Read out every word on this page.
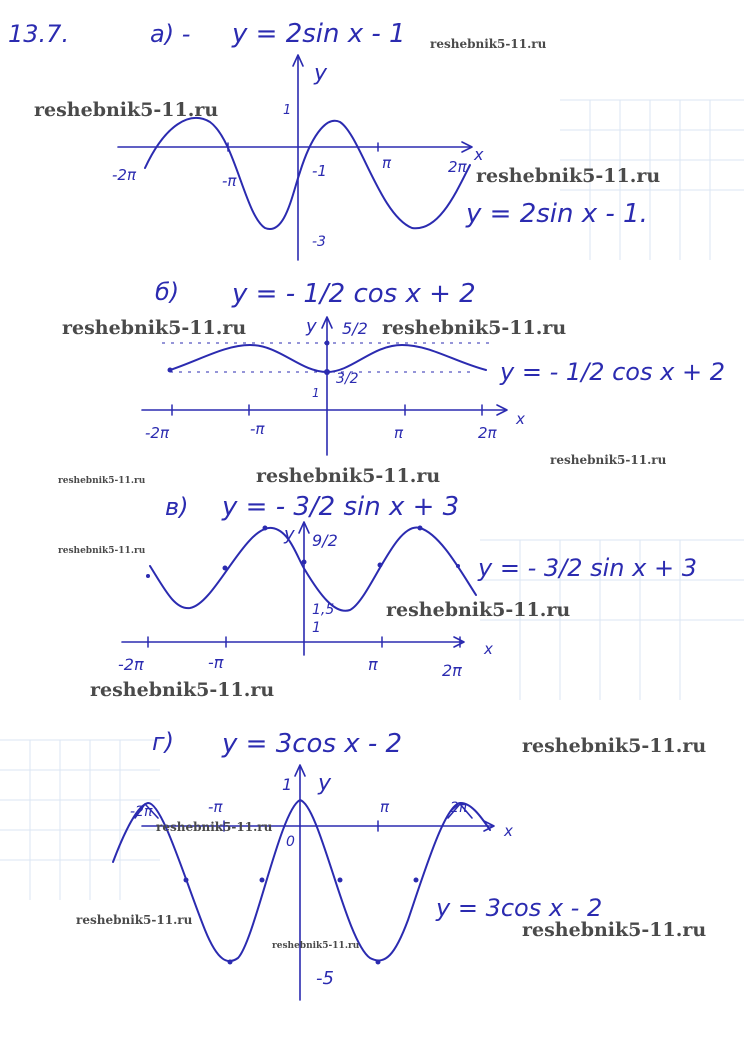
13.7.	а) - y = 2sin x - 1
y
x
-2π	-π
π	2π
1
-1
-3
y = 2sin x - 1.
б) y = - 1/2 cos x + 2
y
x
-2π	-π	π	2π
5/2
3/2
1
y = - 1/2 cos x + 2
в) y = - 3/2 sin x + 3
y
x
-2π	-π	π	2π
9/2
1,5
1
y = - 3/2 sin x + 3
г) y = 3cos x - 2
y
x
-2π	-π	π	2π
1
0
-5
y = 3cos x - 2
reshebnik5-11.ru
reshebnik5-11.ru
reshebnik5-11.ru
reshebnik5-11.ru	reshebnik5-11.ru
reshebnik5-11.ru
reshebnik5-11.ru
reshebnik5-11.ru
reshebnik5-11.ru
reshebnik5-11.ru
reshebnik5-11.ru
reshebnik5-11.ru
reshebnik5-11.ru
reshebnik5-11.ru	reshebnik5-11.ru
reshebnik5-11.ru
